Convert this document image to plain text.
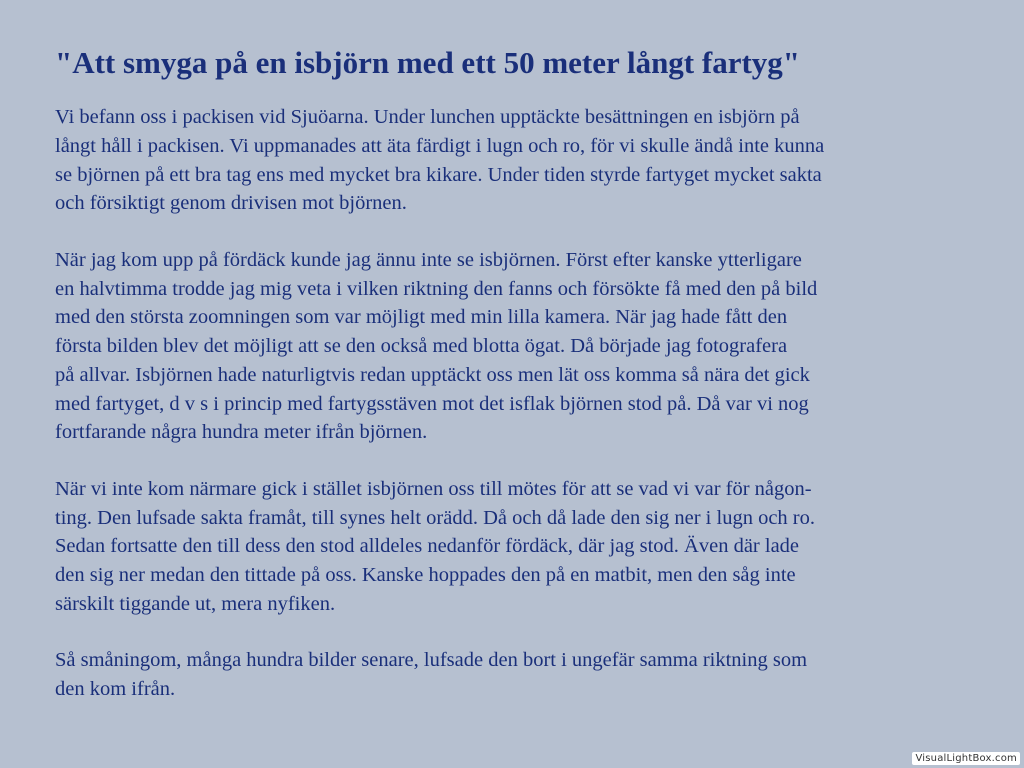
"Att smyga på en isbjörn med ett 50 meter långt fartyg"
Vi befann oss i packisen vid Sjuöarna. Under lunchen upptäckte besättningen en isbjörn på
långt håll i packisen. Vi uppmanades att äta färdigt i lugn och ro, för vi skulle ändå inte kunna
se björnen på ett bra tag ens med mycket bra kikare. Under tiden styrde fartyget mycket sakta
och försiktigt genom drivisen mot björnen.
När jag kom upp på fördäck kunde jag ännu inte se isbjörnen. Först efter kanske ytterligare
en halvtimma trodde jag mig veta i vilken riktning den fanns och försökte få med den på bild
med den största zoomningen som var möjligt med min lilla kamera. När jag hade fått den
första bilden blev det möjligt att se den också med blotta ögat. Då började jag fotografera
på allvar. Isbjörnen hade naturligtvis redan upptäckt oss men lät oss komma så nära det gick
med fartyget, d v s i princip med fartygsstäven mot det isflak björnen stod på. Då var vi nog
fortfarande några hundra meter ifrån björnen.
När vi inte kom närmare gick i stället isbjörnen oss till mötes för att se vad vi var för någon-
ting. Den lufsade sakta framåt, till synes helt orädd. Då och då lade den sig ner i lugn och ro.
Sedan fortsatte den till dess den stod alldeles nedanför fördäck, där jag stod. Även där lade
den sig ner medan den tittade på oss. Kanske hoppades den på en matbit, men den såg inte
särskilt tiggande ut, mera nyfiken.
Så småningom, många hundra bilder senare, lufsade den bort i ungefär samma riktning som
den kom ifrån.
VisualLightBox.com
